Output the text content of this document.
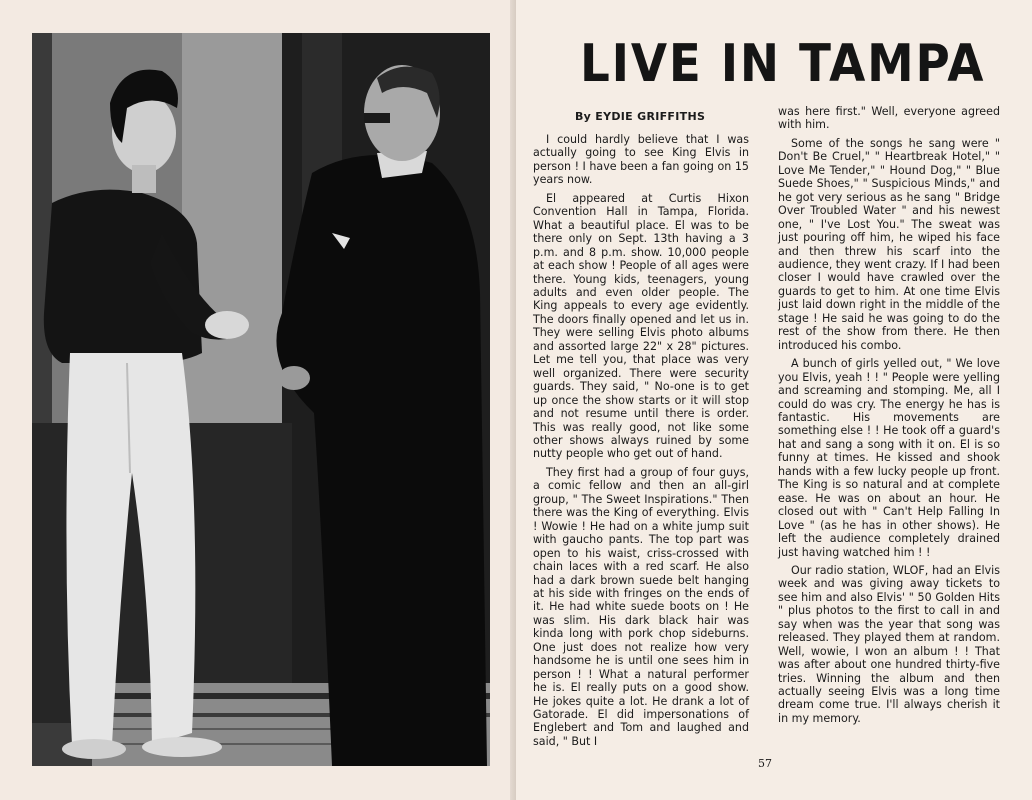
LIVE IN TAMPA
By EYDIE GRIFFITHS

I could hardly believe that I was actually going to see King Elvis in person ! I have been a fan going on 15 years now.

El appeared at Curtis Hixon Convention Hall in Tampa, Florida. What a beautiful place. El was to be there only on Sept. 13th having a 3 p.m. and 8 p.m. show. 10,000 people at each show ! People of all ages were there. Young kids, teenagers, young adults and even older people. The King appeals to every age evidently. The doors finally opened and let us in. They were selling Elvis photo albums and assorted large 22" x 28" pictures. Let me tell you, that place was very well organized. There were security guards. They said, " No-one is to get up once the show starts or it will stop and not resume until there is order. This was really good, not like some other shows always ruined by some nutty people who get out of hand.

They first had a group of four guys, a comic fellow and then an all-girl group, " The Sweet Inspirations." Then there was the King of everything. Elvis ! Wowie ! He had on a white jump suit with gaucho pants. The top part was open to his waist, criss-crossed with chain laces with a red scarf. He also had a dark brown suede belt hanging at his side with fringes on the ends of it. He had white suede boots on ! He was slim. His dark black hair was kinda long with pork chop sideburns. One just does not realize how very handsome he is until one sees him in person ! ! What a natural performer he is. El really puts on a good show. He jokes quite a lot. He drank a lot of Gatorade. El did impersonations of Englebert and Tom and laughed and said, " But I

was here first." Well, everyone agreed with him.

Some of the songs he sang were " Don't Be Cruel," " Heartbreak Hotel," " Love Me Tender," " Hound Dog," " Blue Suede Shoes," " Suspicious Minds," and he got very serious as he sang " Bridge Over Troubled Water " and his newest one, " I've Lost You." The sweat was just pouring off him, he wiped his face and then threw his scarf into the audience, they went crazy. If I had been closer I would have crawled over the guards to get to him. At one time Elvis just laid down right in the middle of the stage ! He said he was going to do the rest of the show from there. He then introduced his combo.

A bunch of girls yelled out, " We love you Elvis, yeah ! ! " People were yelling and screaming and stomping. Me, all I could do was cry. The energy he has is fantastic. His movements are something else ! ! He took off a guard's hat and sang a song with it on. El is so funny at times. He kissed and shook hands with a few lucky people up front. The King is so natural and at complete ease. He was on about an hour. He closed out with " Can't Help Falling In Love " (as he has in other shows). He left the audience completely drained just having watched him ! !

Our radio station, WLOF, had an Elvis week and was giving away tickets to see him and also Elvis' " 50 Golden Hits " plus photos to the first to call in and say when was the year that song was released. They played them at random. Well, wowie, I won an album ! ! That was after about one hundred thirty-five tries. Winning the album and then actually seeing Elvis was a long time dream come true. I'll always cherish it in my memory.

57
